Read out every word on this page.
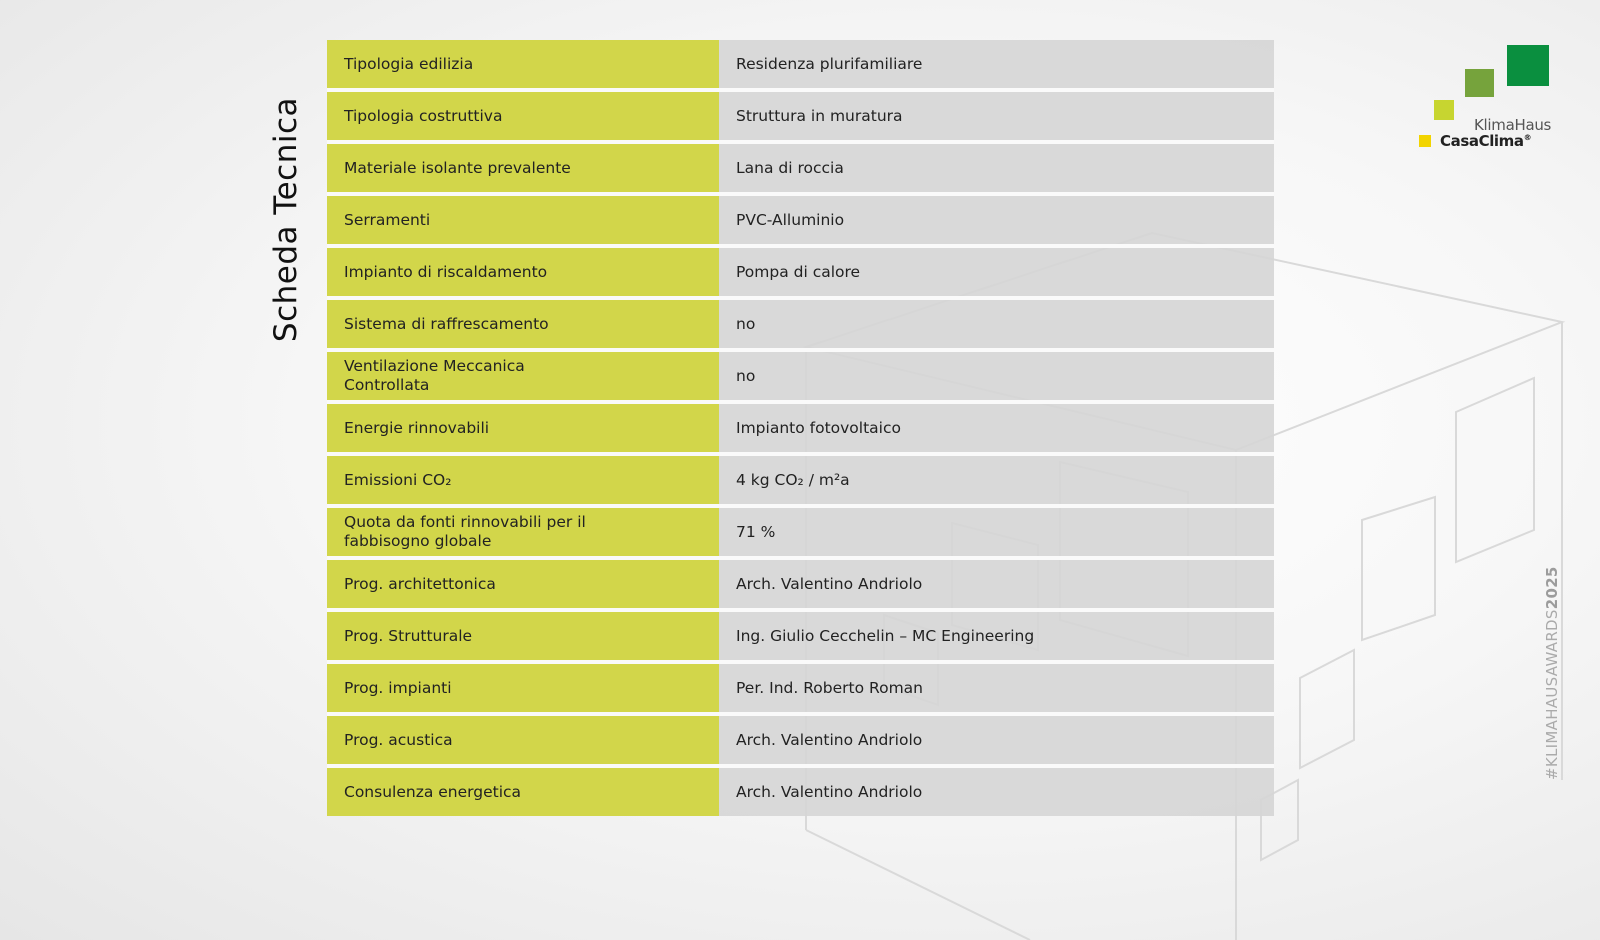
Scheda Tecnica
Tipologia edilizia	Residenza plurifamiliare
Tipologia costruttiva	Struttura in muratura
Materiale isolante prevalente	Lana di roccia
Serramenti	PVC-Alluminio
Impianto di riscaldamento	Pompa di calore
Sistema di raffrescamento	no
Ventilazione Meccanica Controllata	no
Energie rinnovabili	Impianto fotovoltaico
Emissioni CO₂	4 kg CO₂ / m²a
Quota da fonti rinnovabili per il fabbisogno globale	71 %
Prog. architettonica	Arch. Valentino Andriolo
Prog. Strutturale	Ing. Giulio Cecchelin – MC Engineering
Prog. impianti	Per. Ind. Roberto Roman
Prog. acustica	Arch. Valentino Andriolo
Consulenza energetica	Arch. Valentino Andriolo
KlimaHaus
CasaClima®
#KLIMAHAUSAWARDS2025
